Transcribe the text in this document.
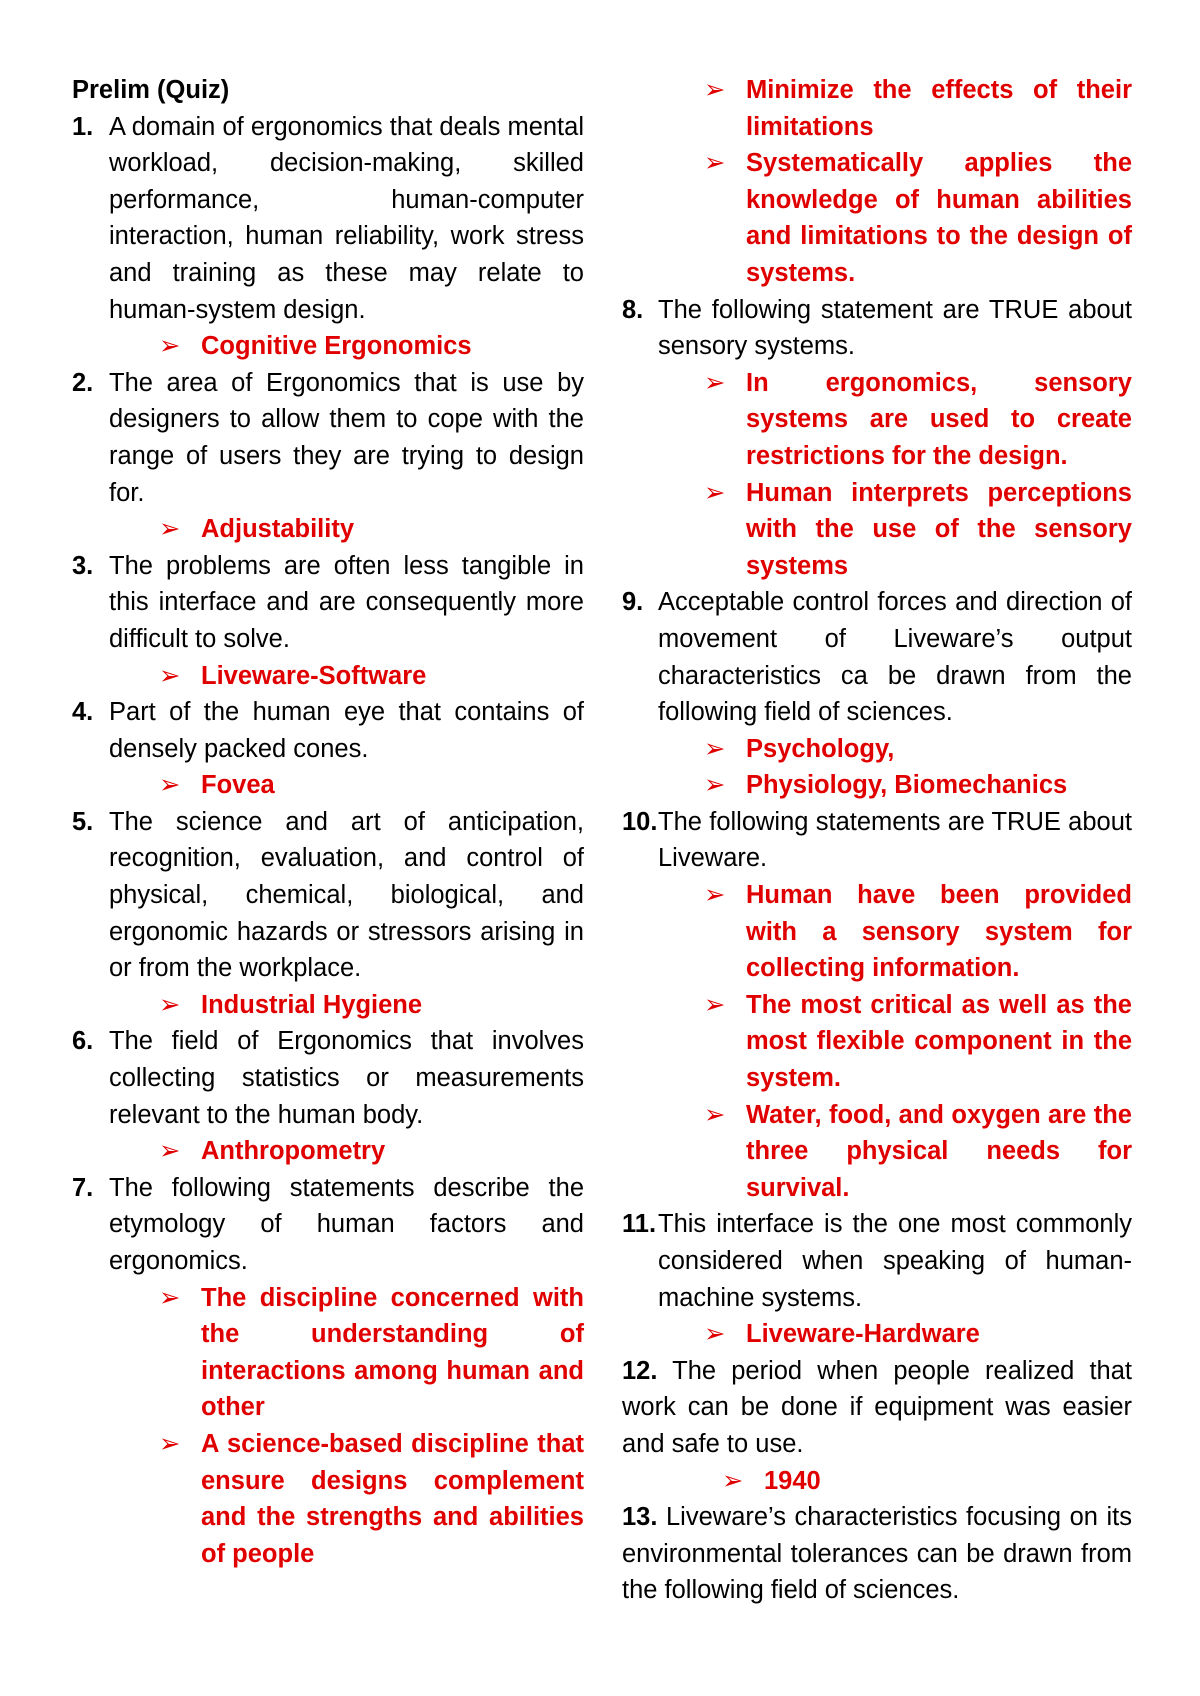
Prelim (Quiz)

1. A domain of ergonomics that deals mental workload, decision-making, skilled performance, human-computer interaction, human reliability, work stress and training as these may relate to human-system design.
➢ Cognitive Ergonomics
2. The area of Ergonomics that is use by designers to allow them to cope with the range of users they are trying to design for.
➢ Adjustability
3. The problems are often less tangible in this interface and are consequently more difficult to solve.
➢ Liveware-Software
4. Part of the human eye that contains of densely packed cones.
➢ Fovea
5. The science and art of anticipation, recognition, evaluation, and control of physical, chemical, biological, and ergonomic hazards or stressors arising in or from the workplace.
➢ Industrial Hygiene
6. The field of Ergonomics that involves collecting statistics or measurements relevant to the human body.
➢ Anthropometry
7. The following statements describe the etymology of human factors and ergonomics.
➢ The discipline concerned with the understanding of interactions among human and other
➢ A science-based discipline that ensure designs complement and the strengths and abilities of people
➢ Minimize the effects of their limitations
➢ Systematically applies the knowledge of human abilities and limitations to the design of systems.
8. The following statement are TRUE about sensory systems.
➢ In ergonomics, sensory systems are used to create restrictions for the design.
➢ Human interprets perceptions with the use of the sensory systems
9. Acceptable control forces and direction of movement of Liveware’s output characteristics ca be drawn from the following field of sciences.
➢ Psychology,
➢ Physiology, Biomechanics
10. The following statements are TRUE about Liveware.
➢ Human have been provided with a sensory system for collecting information.
➢ The most critical as well as the most flexible component in the system.
➢ Water, food, and oxygen are the three physical needs for survival.
11. This interface is the one most commonly considered when speaking of human-machine systems.
➢ Liveware-Hardware
12. The period when people realized that work can be done if equipment was easier and safe to use.
➢ 1940
13. Liveware’s characteristics focusing on its environmental tolerances can be drawn from the following field of sciences.
